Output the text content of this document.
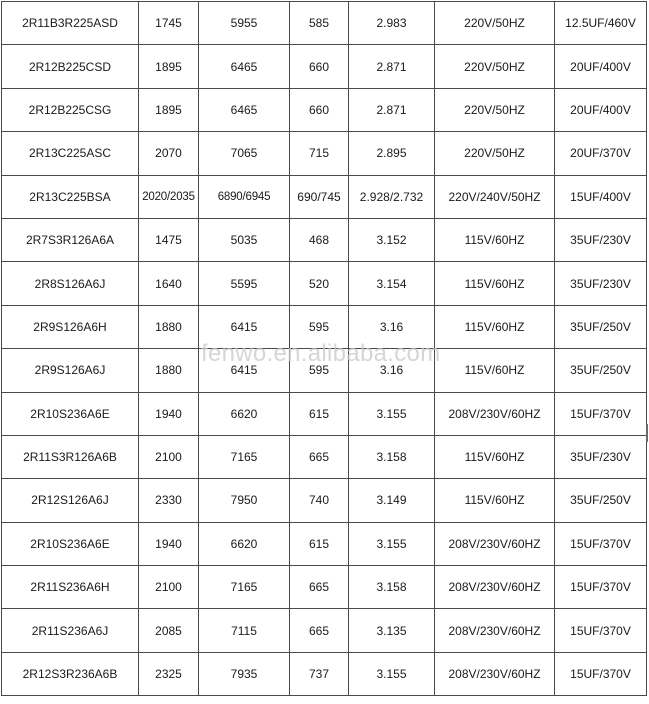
2R11B3R225ASD	1745	5955	585	2.983	220V/50HZ	12.5UF/460V
2R12B225CSD	1895	6465	660	2.871	220V/50HZ	20UF/400V
2R12B225CSG	1895	6465	660	2.871	220V/50HZ	20UF/400V
2R13C225ASC	2070	7065	715	2.895	220V/50HZ	20UF/370V
2R13C225BSA	2020/2035	6890/6945	690/745	2.928/2.732	220V/240V/50HZ	15UF/400V
2R7S3R126A6A	1475	5035	468	3.152	115V/60HZ	35UF/230V
2R8S126A6J	1640	5595	520	3.154	115V/60HZ	35UF/230V
2R9S126A6H	1880	6415	595	3.16	115V/60HZ	35UF/250V
2R9S126A6J	1880	6415	595	3.16	115V/60HZ	35UF/250V
2R10S236A6E	1940	6620	615	3.155	208V/230V/60HZ	15UF/370V
2R11S3R126A6B	2100	7165	665	3.158	115V/60HZ	35UF/230V
2R12S126A6J	2330	7950	740	3.149	115V/60HZ	35UF/250V
2R10S236A6E	1940	6620	615	3.155	208V/230V/60HZ	15UF/370V
2R11S236A6H	2100	7165	665	3.158	208V/230V/60HZ	15UF/370V
2R11S236A6J	2085	7115	665	3.135	208V/230V/60HZ	15UF/370V
2R12S3R236A6B	2325	7935	737	3.155	208V/230V/60HZ	15UF/370V
fenwo.en.alibaba.com
